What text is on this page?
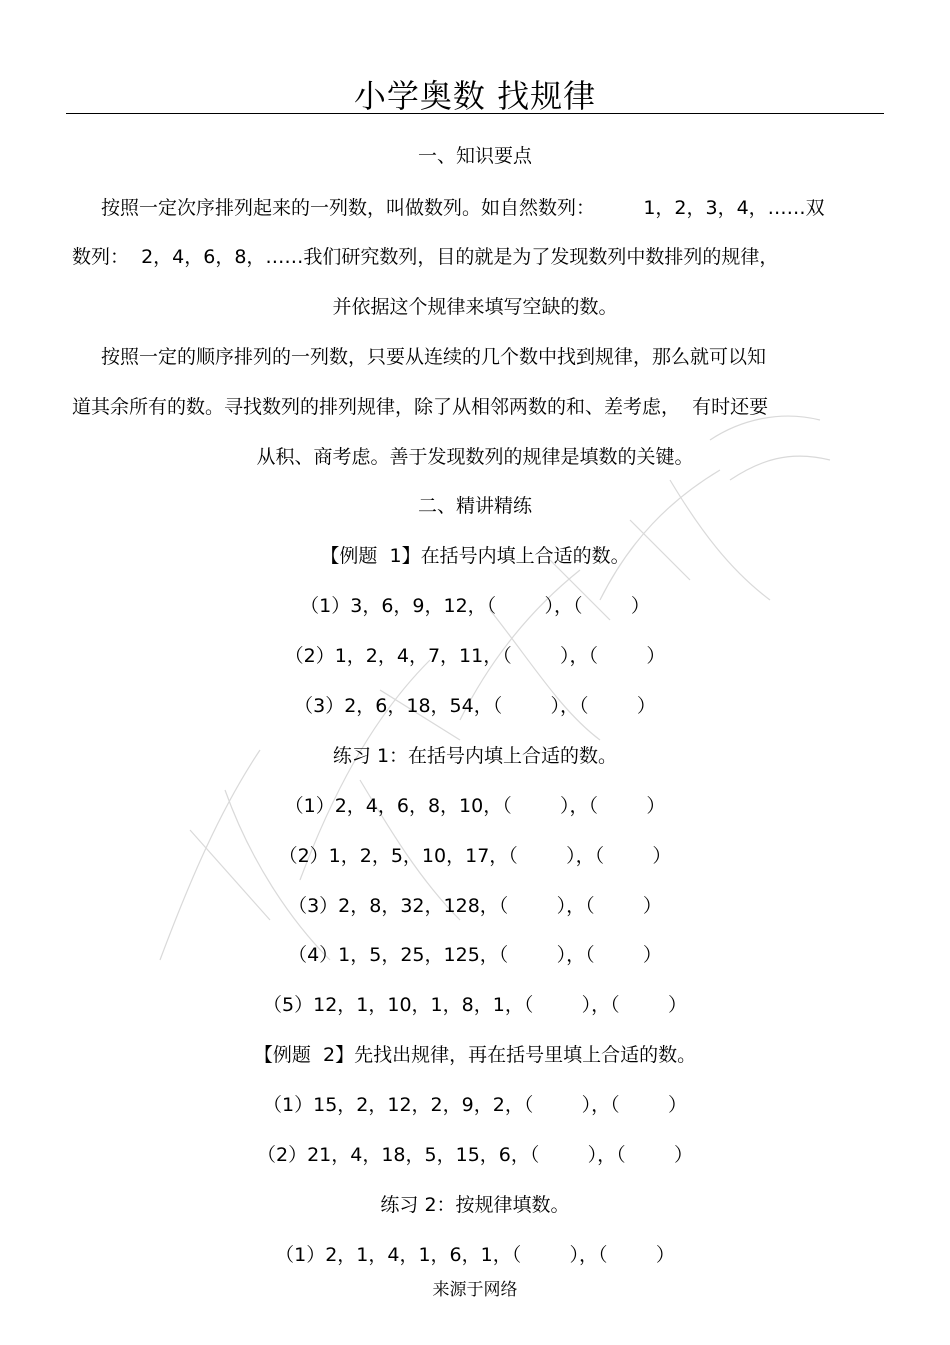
小学奥数 找规律
一、知识要点
按照一定次序排列起来的一列数，叫做数列。如自然数列：        1，2，3，4，……双
数列：  2，4，6，8，……我们研究数列，目的就是为了发现数列中数排列的规律，
并依据这个规律来填写空缺的数。
按照一定的顺序排列的一列数，只要从连续的几个数中找到规律，那么就可以知
道其余所有的数。寻找数列的排列规律，除了从相邻两数的和、差考虑，  有时还要
从积、商考虑。善于发现数列的规律是填数的关键。
二、精讲精练
【例题  1】在括号内填上合适的数。
（1）3，6，9，12，（        ），（        ）
（2）1，2，4，7，11，（        ），（        ）
（3）2，6，18，54，（        ），（        ）
练习 1：在括号内填上合适的数。
（1）2，4，6，8，10，（        ），（        ）
（2）1，2，5，10，17，（        ），（        ）
（3）2，8，32，128，（        ），（        ）
（4）1，5，25，125，（        ），（        ）
（5）12，1，10，1，8，1，（        ），（        ）
【例题  2】先找出规律，再在括号里填上合适的数。
（1）15，2，12，2，9，2，（        ），（        ）
（2）21，4，18，5，15，6，（        ），（        ）
练习 2：按规律填数。
（1）2，1，4，1，6，1，（        ），（        ）
来源于网络
